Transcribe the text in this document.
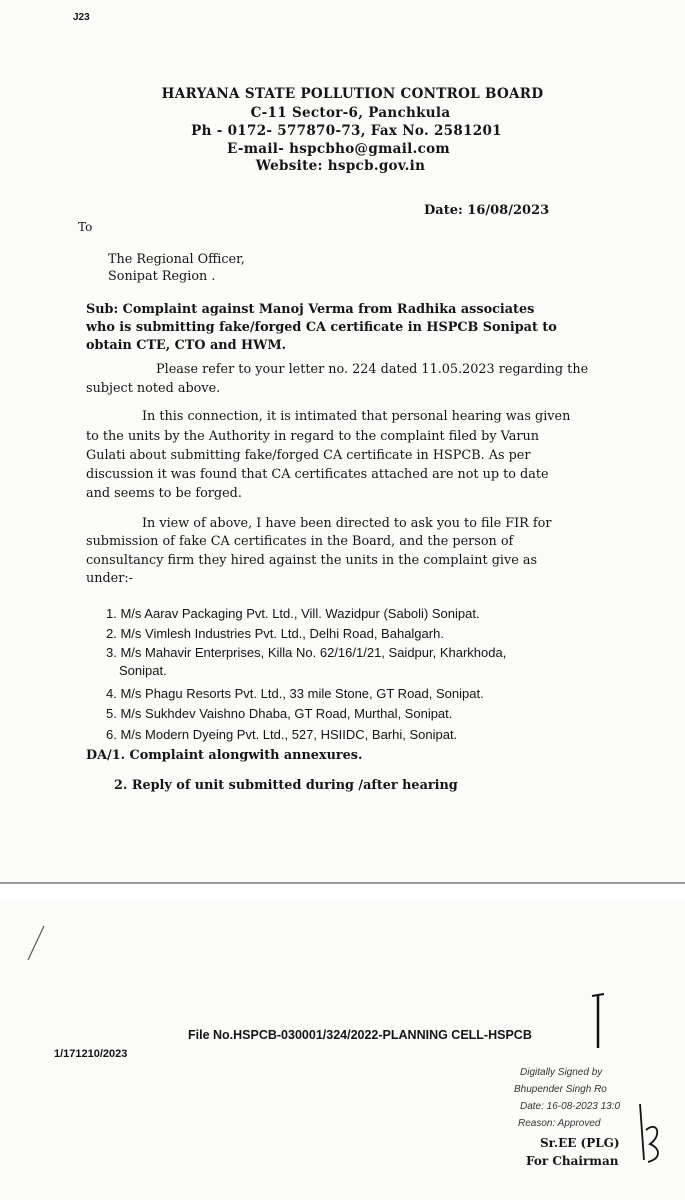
J23
HARYANA STATE POLLUTION CONTROL BOARD
C-11 Sector-6, Panchkula
Ph - 0172- 577870-73, Fax No. 2581201
E-mail- hspcbho@gmail.com
Website: hspcb.gov.in
Date: 16/08/2023
To
The Regional Officer,
Sonipat Region .
Sub: Complaint against Manoj Verma from Radhika associates
who is submitting fake/forged CA certificate in HSPCB Sonipat to
obtain CTE, CTO and HWM.
Please refer to your letter no. 224 dated 11.05.2023 regarding the
subject noted above.
In this connection, it is intimated that personal hearing was given
to the units by the Authority in regard to the complaint filed by Varun
Gulati about submitting fake/forged CA certificate in HSPCB. As per
discussion it was found that CA certificates attached are not up to date
and seems to be forged.
In view of above, I have been directed to ask you to file FIR for
submission of fake CA certificates in the Board, and the person of
consultancy firm they hired against the units in the complaint give as
under:-
1. M/s Aarav Packaging Pvt. Ltd., Vill. Wazidpur (Saboli) Sonipat.
2. M/s Vimlesh Industries Pvt. Ltd., Delhi Road, Bahalgarh.
3. M/s Mahavir Enterprises, Killa No. 62/16/1/21, Saidpur, Kharkhoda,
Sonipat.
4. M/s Phagu Resorts Pvt. Ltd., 33 mile Stone, GT Road, Sonipat.
5. M/s Sukhdev Vaishno Dhaba, GT Road, Murthal, Sonipat.
6. M/s Modern Dyeing Pvt. Ltd., 527, HSIIDC, Barhi, Sonipat.
DA/1. Complaint alongwith annexures.
2. Reply of unit submitted during /after hearing
File No.HSPCB-030001/324/2022-PLANNING CELL-HSPCB
1/171210/2023
Digitally Signed by
Bhupender Singh Ro
Date: 16-08-2023 13:0
Reason: Approved
Sr.EE (PLG)
For Chairman
